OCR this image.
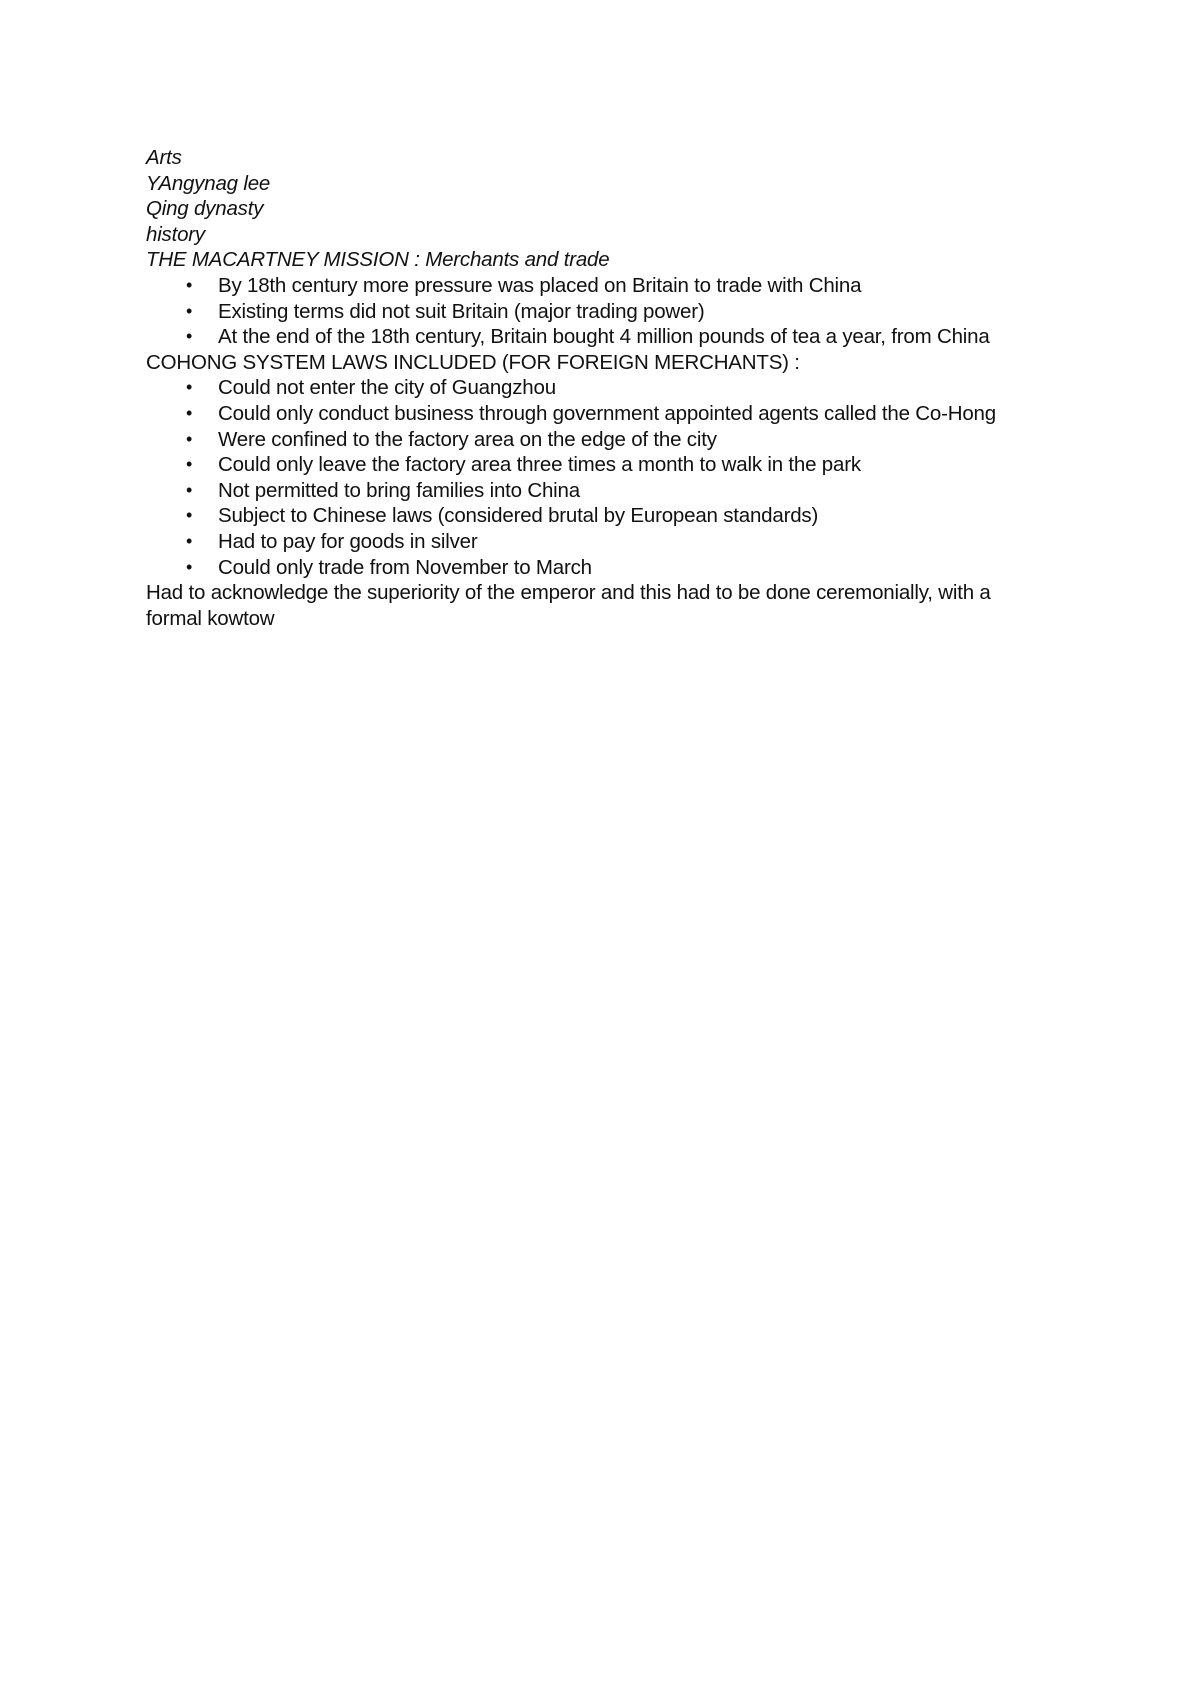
Arts
YAngynag lee
Qing dynasty
history
THE MACARTNEY MISSION : Merchants and trade
• By 18th century more pressure was placed on Britain to trade with China
• Existing terms did not suit Britain (major trading power)
• At the end of the 18th century, Britain bought 4 million pounds of tea a year, from China
COHONG SYSTEM LAWS INCLUDED (FOR FOREIGN MERCHANTS) :
• Could not enter the city of Guangzhou
• Could only conduct business through government appointed agents called the Co-Hong
• Were confined to the factory area on the edge of the city
• Could only leave the factory area three times a month to walk in the park
• Not permitted to bring families into China
• Subject to Chinese laws (considered brutal by European standards)
• Had to pay for goods in silver
• Could only trade from November to March
Had to acknowledge the superiority of the emperor and this had to be done ceremonially, with a formal kowtow
